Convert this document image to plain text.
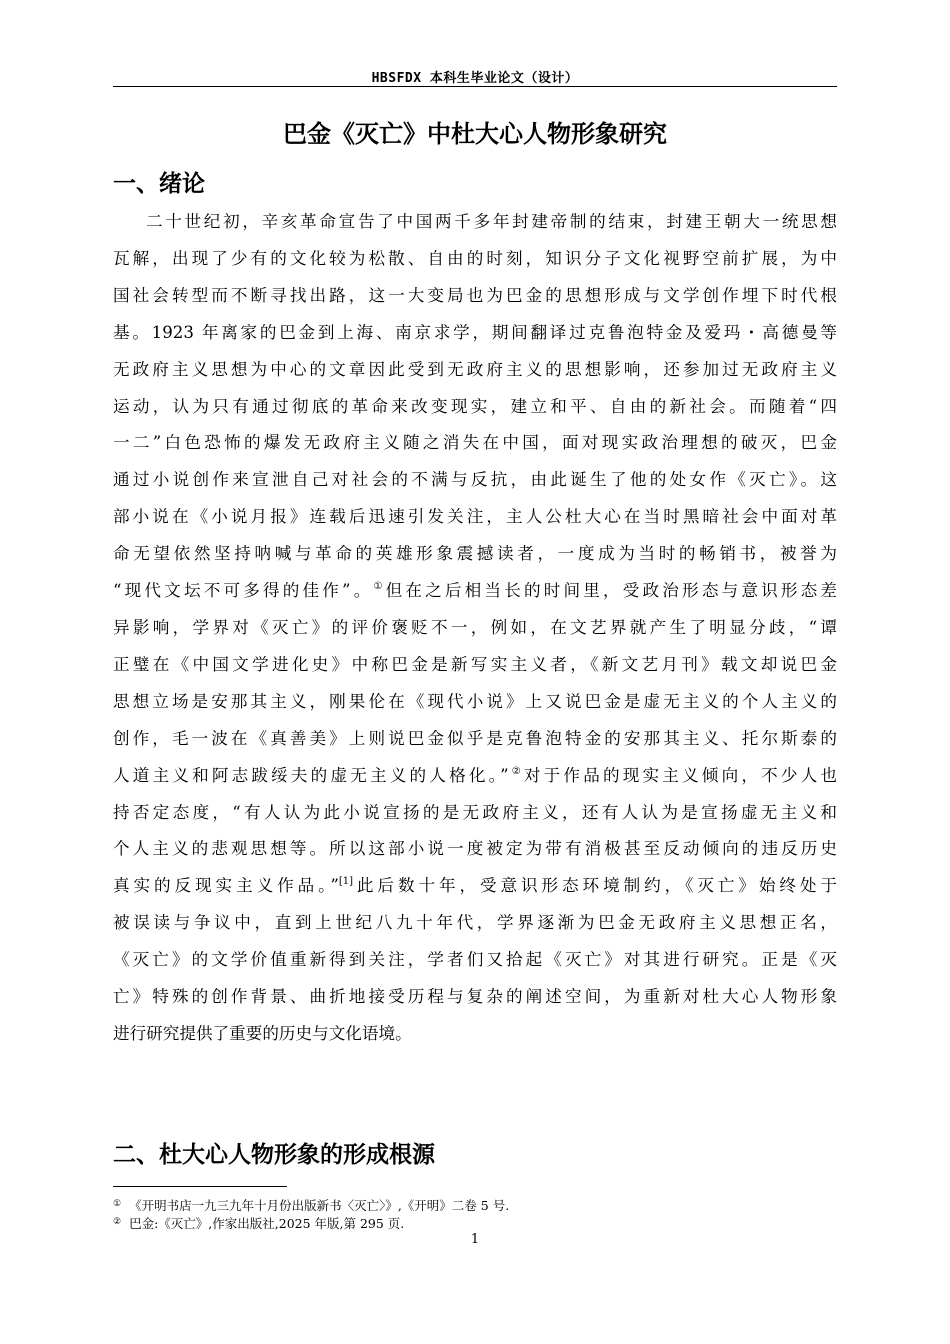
HBSFDX 本科生毕业论文（设计）
巴金《灭亡》中杜大心人物形象研究
一、绪论
二十世纪初，辛亥革命宣告了中国两千多年封建帝制的结束，封建王朝大一统思想
瓦解，出现了少有的文化较为松散、自由的时刻，知识分子文化视野空前扩展，为中
国社会转型而不断寻找出路，这一大变局也为巴金的思想形成与文学创作埋下时代根
基。1923 年离家的巴金到上海、南京求学，期间翻译过克鲁泡特金及爱玛・高德曼等
无政府主义思想为中心的文章因此受到无政府主义的思想影响，还参加过无政府主义
运动，认为只有通过彻底的革命来改变现实，建立和平、自由的新社会。而随着“四
一二”白色恐怖的爆发无政府主义随之消失在中国，面对现实政治理想的破灭，巴金
通过小说创作来宣泄自己对社会的不满与反抗，由此诞生了他的处女作《灭亡》。这
部小说在《小说月报》连载后迅速引发关注，主人公杜大心在当时黑暗社会中面对革
命无望依然坚持呐喊与革命的英雄形象震撼读者，一度成为当时的畅销书，被誉为
“现代文坛不可多得的佳作”。①但在之后相当长的时间里，受政治形态与意识形态差
异影响，学界对《灭亡》的评价褒贬不一，例如，在文艺界就产生了明显分歧，“谭
正璧在《中国文学进化史》中称巴金是新写实主义者，《新文艺月刊》载文却说巴金
思想立场是安那其主义，刚果伦在《现代小说》上又说巴金是虚无主义的个人主义的
创作，毛一波在《真善美》上则说巴金似乎是克鲁泡特金的安那其主义、托尔斯泰的
人道主义和阿志跋绥夫的虚无主义的人格化。”②对于作品的现实主义倾向，不少人也
持否定态度，“有人认为此小说宣扬的是无政府主义，还有人认为是宣扬虚无主义和
个人主义的悲观思想等。所以这部小说一度被定为带有消极甚至反动倾向的违反历史
真实的反现实主义作品。”[1]此后数十年，受意识形态环境制约，《灭亡》始终处于
被误读与争议中，直到上世纪八九十年代，学界逐渐为巴金无政府主义思想正名，
《灭亡》的文学价值重新得到关注，学者们又拾起《灭亡》对其进行研究。正是《灭
亡》特殊的创作背景、曲折地接受历程与复杂的阐述空间，为重新对杜大心人物形象
进行研究提供了重要的历史与文化语境。
二、杜大心人物形象的形成根源
① 《开明书店一九三九年十月份出版新书〈灭亡〉》,《开明》二卷 5 号.
② 巴金:《灭亡》,作家出版社,2025 年版,第 295 页.
1
